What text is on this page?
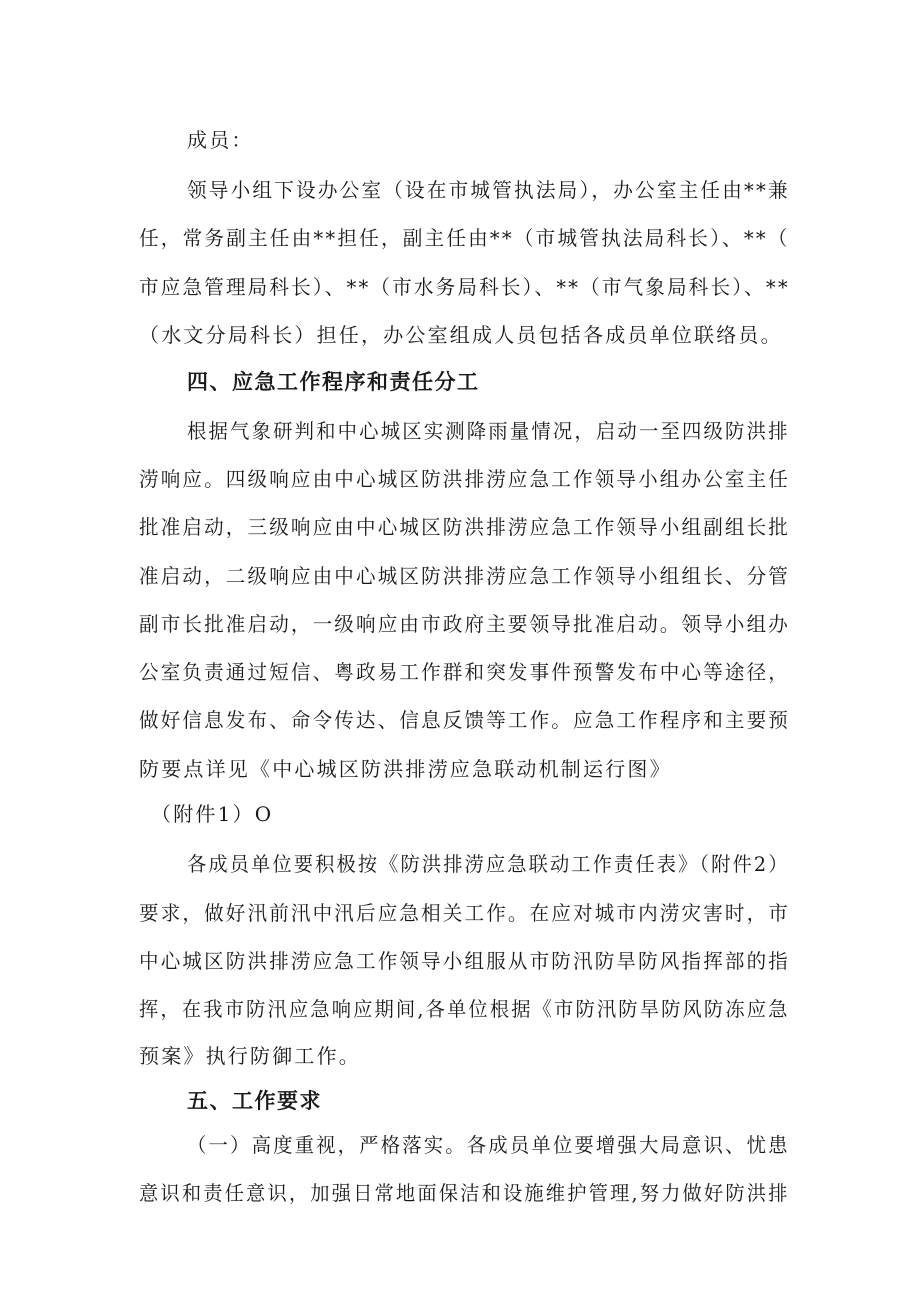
成员：
领导小组下设办公室（设在市城管执法局），办公室主任由**兼
任，常务副主任由**担任，副主任由**（市城管执法局科长）、**（
市应急管理局科长）、**（市水务局科长）、**（市气象局科长）、**
（水文分局科长）担任，办公室组成人员包括各成员单位联络员。
四、应急工作程序和责任分工
根据气象研判和中心城区实测降雨量情况，启动一至四级防洪排
涝响应。四级响应由中心城区防洪排涝应急工作领导小组办公室主任
批准启动，三级响应由中心城区防洪排涝应急工作领导小组副组长批
准启动，二级响应由中心城区防洪排涝应急工作领导小组组长、分管
副市长批准启动，一级响应由市政府主要领导批准启动。领导小组办
公室负责通过短信、粤政易工作群和突发事件预警发布中心等途径，
做好信息发布、命令传达、信息反馈等工作。应急工作程序和主要预
防要点详见《中心城区防洪排涝应急联动机制运行图》
（附件1）O
各成员单位要积极按《防洪排涝应急联动工作责任表》（附件2）
要求，做好汛前汛中汛后应急相关工作。在应对城市内涝灾害时，市
中心城区防洪排涝应急工作领导小组服从市防汛防旱防风指挥部的指
挥，在我市防汛应急响应期间,各单位根据《市防汛防旱防风防冻应急
预案》执行防御工作。
五、工作要求
（一）高度重视，严格落实。各成员单位要增强大局意识、忧患
意识和责任意识，加强日常地面保洁和设施维护管理,努力做好防洪排
